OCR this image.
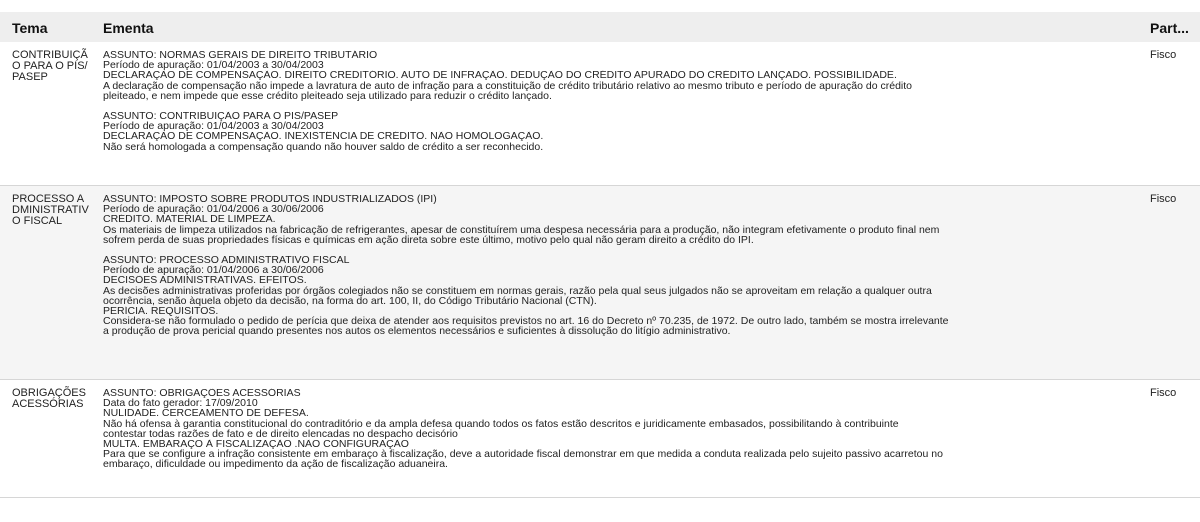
Tema	Ementa	Part...
CONTRIBUIÇÃO PARA O PIS/PASEP
ASSUNTO: NORMAS GERAIS DE DIREITO TRIBUTÁRIO
Período de apuração: 01/04/2003 a 30/04/2003
DECLARAÇÃO DE COMPENSAÇÃO. DIREITO CREDITÓRIO. AUTO DE INFRAÇÃO. DEDUÇÃO DO CRÉDITO APURADO DO CRÉDITO LANÇADO. POSSIBILIDADE.
A declaração de compensação não impede a lavratura de auto de infração para a constituição de crédito tributário relativo ao mesmo tributo e período de apuração do crédito
pleiteado, e nem impede que esse crédito pleiteado seja utilizado para reduzir o crédito lançado.
ASSUNTO: CONTRIBUIÇÃO PARA O PIS/PASEP
Período de apuração: 01/04/2003 a 30/04/2003
DECLARAÇÃO DE COMPENSAÇÃO. INEXISTÊNCIA DE CRÉDITO. NÃO HOMOLOGAÇÃO.
Não será homologada a compensação quando não houver saldo de crédito a ser reconhecido.
Fisco
PROCESSO ADMINISTRATIVO FISCAL
ASSUNTO: IMPOSTO SOBRE PRODUTOS INDUSTRIALIZADOS (IPI)
Período de apuração: 01/04/2006 a 30/06/2006
CRÉDITO. MATERIAL DE LIMPEZA.
Os materiais de limpeza utilizados na fabricação de refrigerantes, apesar de constituírem uma despesa necessária para a produção, não integram efetivamente o produto final nem
sofrem perda de suas propriedades físicas e químicas em ação direta sobre este último, motivo pelo qual não geram direito a crédito do IPI.
ASSUNTO: PROCESSO ADMINISTRATIVO FISCAL
Período de apuração: 01/04/2006 a 30/06/2006
DECISÕES ADMINISTRATIVAS. EFEITOS.
As decisões administrativas proferidas por órgãos colegiados não se constituem em normas gerais, razão pela qual seus julgados não se aproveitam em relação a qualquer outra
ocorrência, senão àquela objeto da decisão, na forma do art. 100, II, do Código Tributário Nacional (CTN).
PERÍCIA. REQUISITOS.
Considera-se não formulado o pedido de perícia que deixa de atender aos requisitos previstos no art. 16 do Decreto nº 70.235, de 1972. De outro lado, também se mostra irrelevante
a produção de prova pericial quando presentes nos autos os elementos necessários e suficientes à dissolução do litígio administrativo.
Fisco
OBRIGAÇÕES ACESSÓRIAS
ASSUNTO: OBRIGAÇÕES ACESSÓRIAS
Data do fato gerador: 17/09/2010
NULIDADE. CERCEAMENTO DE DEFESA.
Não há ofensa à garantia constitucional do contraditório e da ampla defesa quando todos os fatos estão descritos e juridicamente embasados, possibilitando à contribuinte
contestar todas razões de fato e de direito elencadas no despacho decisório
MULTA. EMBARAÇO À FISCALIZAÇÃO .NÃO CONFIGURAÇÃO
Para que se configure a infração consistente em embaraço à fiscalização, deve a autoridade fiscal demonstrar em que medida a conduta realizada pelo sujeito passivo acarretou no
embaraço, dificuldade ou impedimento da ação de fiscalização aduaneira.
Fisco
